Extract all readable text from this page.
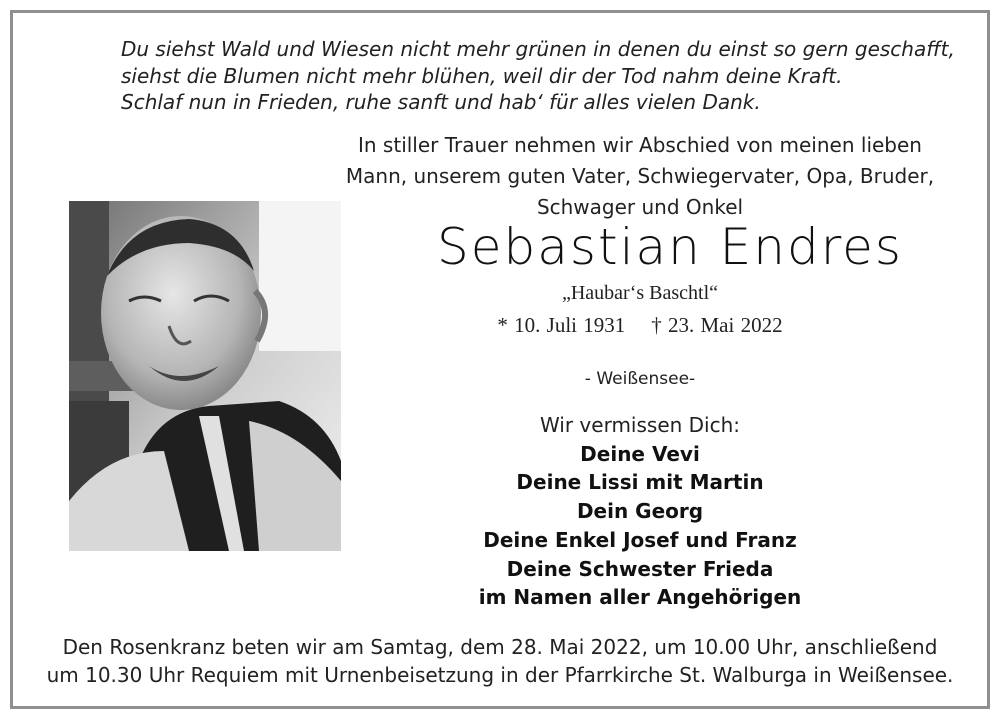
Du siehst Wald und Wiesen nicht mehr grünen in denen du einst so gern geschafft,
siehst die Blumen nicht mehr blühen, weil dir der Tod nahm deine Kraft.
Schlaf nun in Frieden, ruhe sanft und hab‘ für alles vielen Dank.
In stiller Trauer nehmen wir Abschied von meinen lieben
Mann, unserem guten Vater, Schwiegervater, Opa, Bruder,
Schwager und Onkel
Sebastian Endres
„Haubar‘s Baschtl“
* 10. Juli 1931 † 23. Mai 2022
- Weißensee-
Wir vermissen Dich:
Deine Vevi
Deine Lissi mit Martin
Dein Georg
Deine Enkel Josef und Franz
Deine Schwester Frieda
im Namen aller Angehörigen
Den Rosenkranz beten wir am Samtag, dem 28. Mai 2022, um 10.00 Uhr, anschließend
um 10.30 Uhr Requiem mit Urnenbeisetzung in der Pfarrkirche St. Walburga in Weißensee.
